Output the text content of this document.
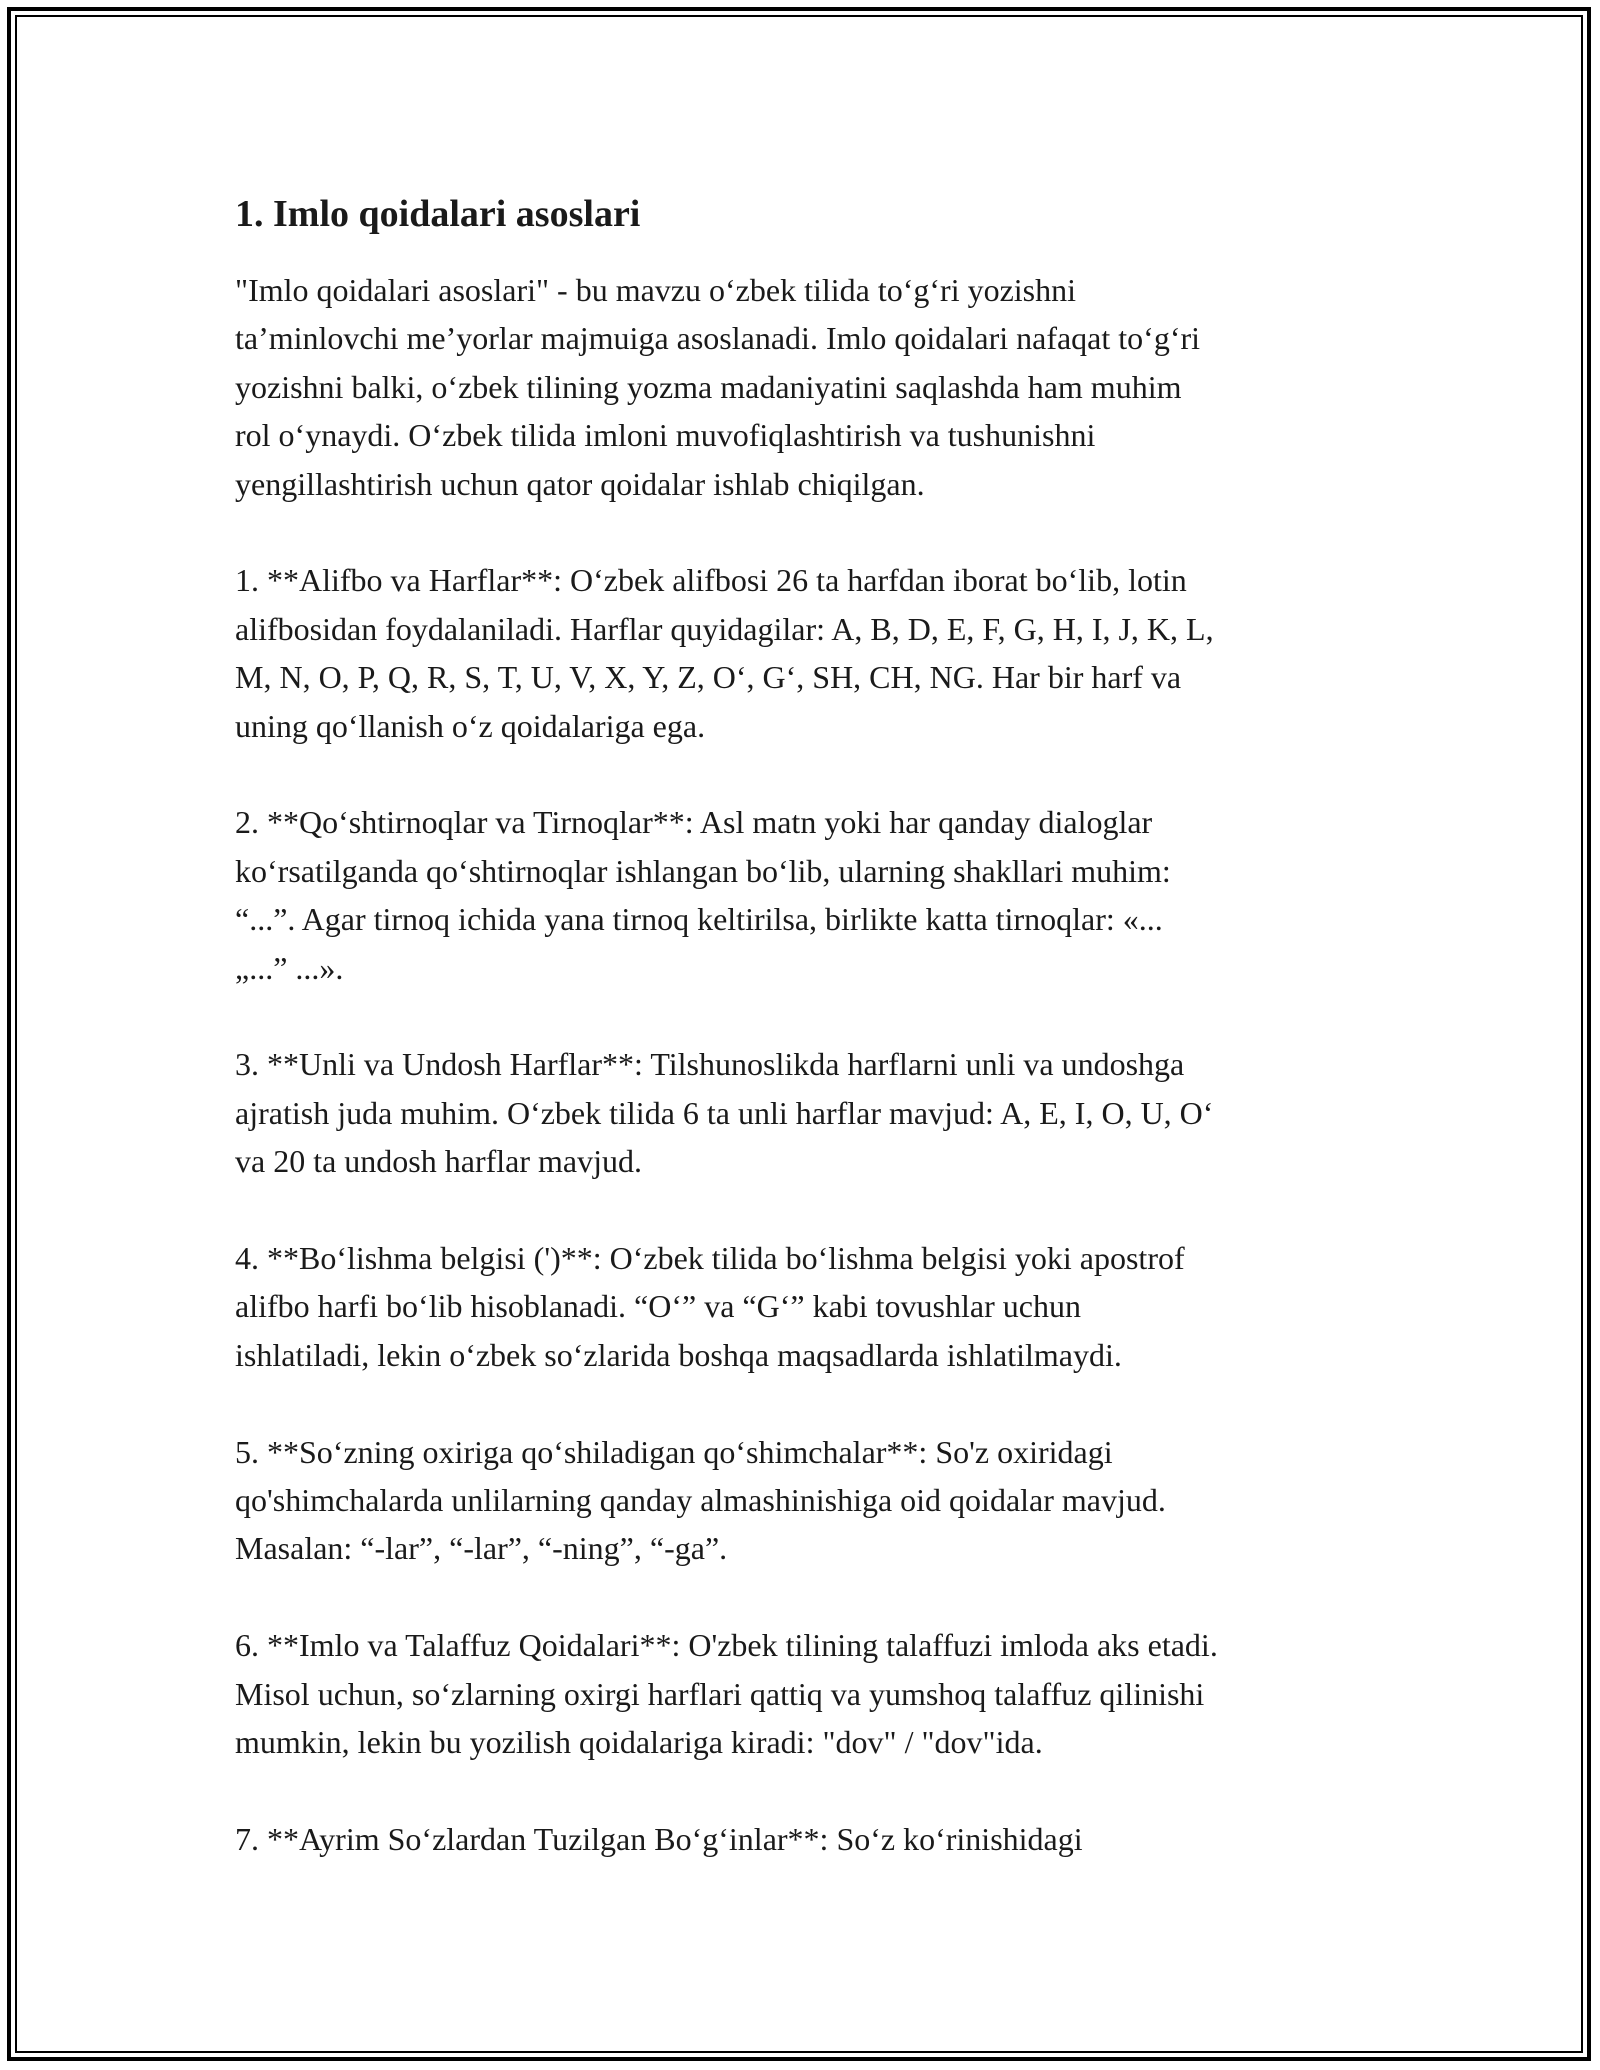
1. Imlo qoidalari asoslari

"Imlo qoidalari asoslari" - bu mavzu oʻzbek tilida toʻgʻri yozishni
taʼminlovchi meʼyorlar majmuiga asoslanadi. Imlo qoidalari nafaqat toʻgʻri
yozishni balki, oʻzbek tilining yozma madaniyatini saqlashda ham muhim
rol oʻynaydi. Oʻzbek tilida imloni muvofiqlashtirish va tushunishni
yengillashtirish uchun qator qoidalar ishlab chiqilgan.

1. **Alifbo va Harflar**: Oʻzbek alifbosi 26 ta harfdan iborat boʻlib, lotin
alifbosidan foydalaniladi. Harflar quyidagilar: A, B, D, E, F, G, H, I, J, K, L,
M, N, O, P, Q, R, S, T, U, V, X, Y, Z, Oʻ, Gʻ, SH, CH, NG. Har bir harf va
uning qoʻllanish oʻz qoidalariga ega.

2. **Qoʻshtirnoqlar va Tirnoqlar**: Asl matn yoki har qanday dialoglar
koʻrsatilganda qoʻshtirnoqlar ishlangan boʻlib, ularning shakllari muhim:
“...”. Agar tirnoq ichida yana tirnoq keltirilsa, birlikte katta tirnoqlar: «...
„...” ...».

3. **Unli va Undosh Harflar**: Tilshunoslikda harflarni unli va undoshga
ajratish juda muhim. Oʻzbek tilida 6 ta unli harflar mavjud: A, E, I, O, U, Oʻ
va 20 ta undosh harflar mavjud.

4. **Boʻlishma belgisi (')**: Oʻzbek tilida boʻlishma belgisi yoki apostrof
alifbo harfi boʻlib hisoblanadi. “Oʻ” va “Gʻ” kabi tovushlar uchun
ishlatiladi, lekin oʻzbek soʻzlarida boshqa maqsadlarda ishlatilmaydi.

5. **Soʻzning oxiriga qoʻshiladigan qoʻshimchalar**: So'z oxiridagi
qo'shimchalarda unlilarning qanday almashinishiga oid qoidalar mavjud.
Masalan: “-lar”, “-lar”, “-ning”, “-ga”.

6. **Imlo va Talaffuz Qoidalari**: O'zbek tilining talaffuzi imloda aks etadi.
Misol uchun, soʻzlarning oxirgi harflari qattiq va yumshoq talaffuz qilinishi
mumkin, lekin bu yozilish qoidalariga kiradi: "dov" / "dov"ida.

7. **Ayrim Soʻzlardan Tuzilgan Boʻgʻinlar**: Soʻz koʻrinishidagi
